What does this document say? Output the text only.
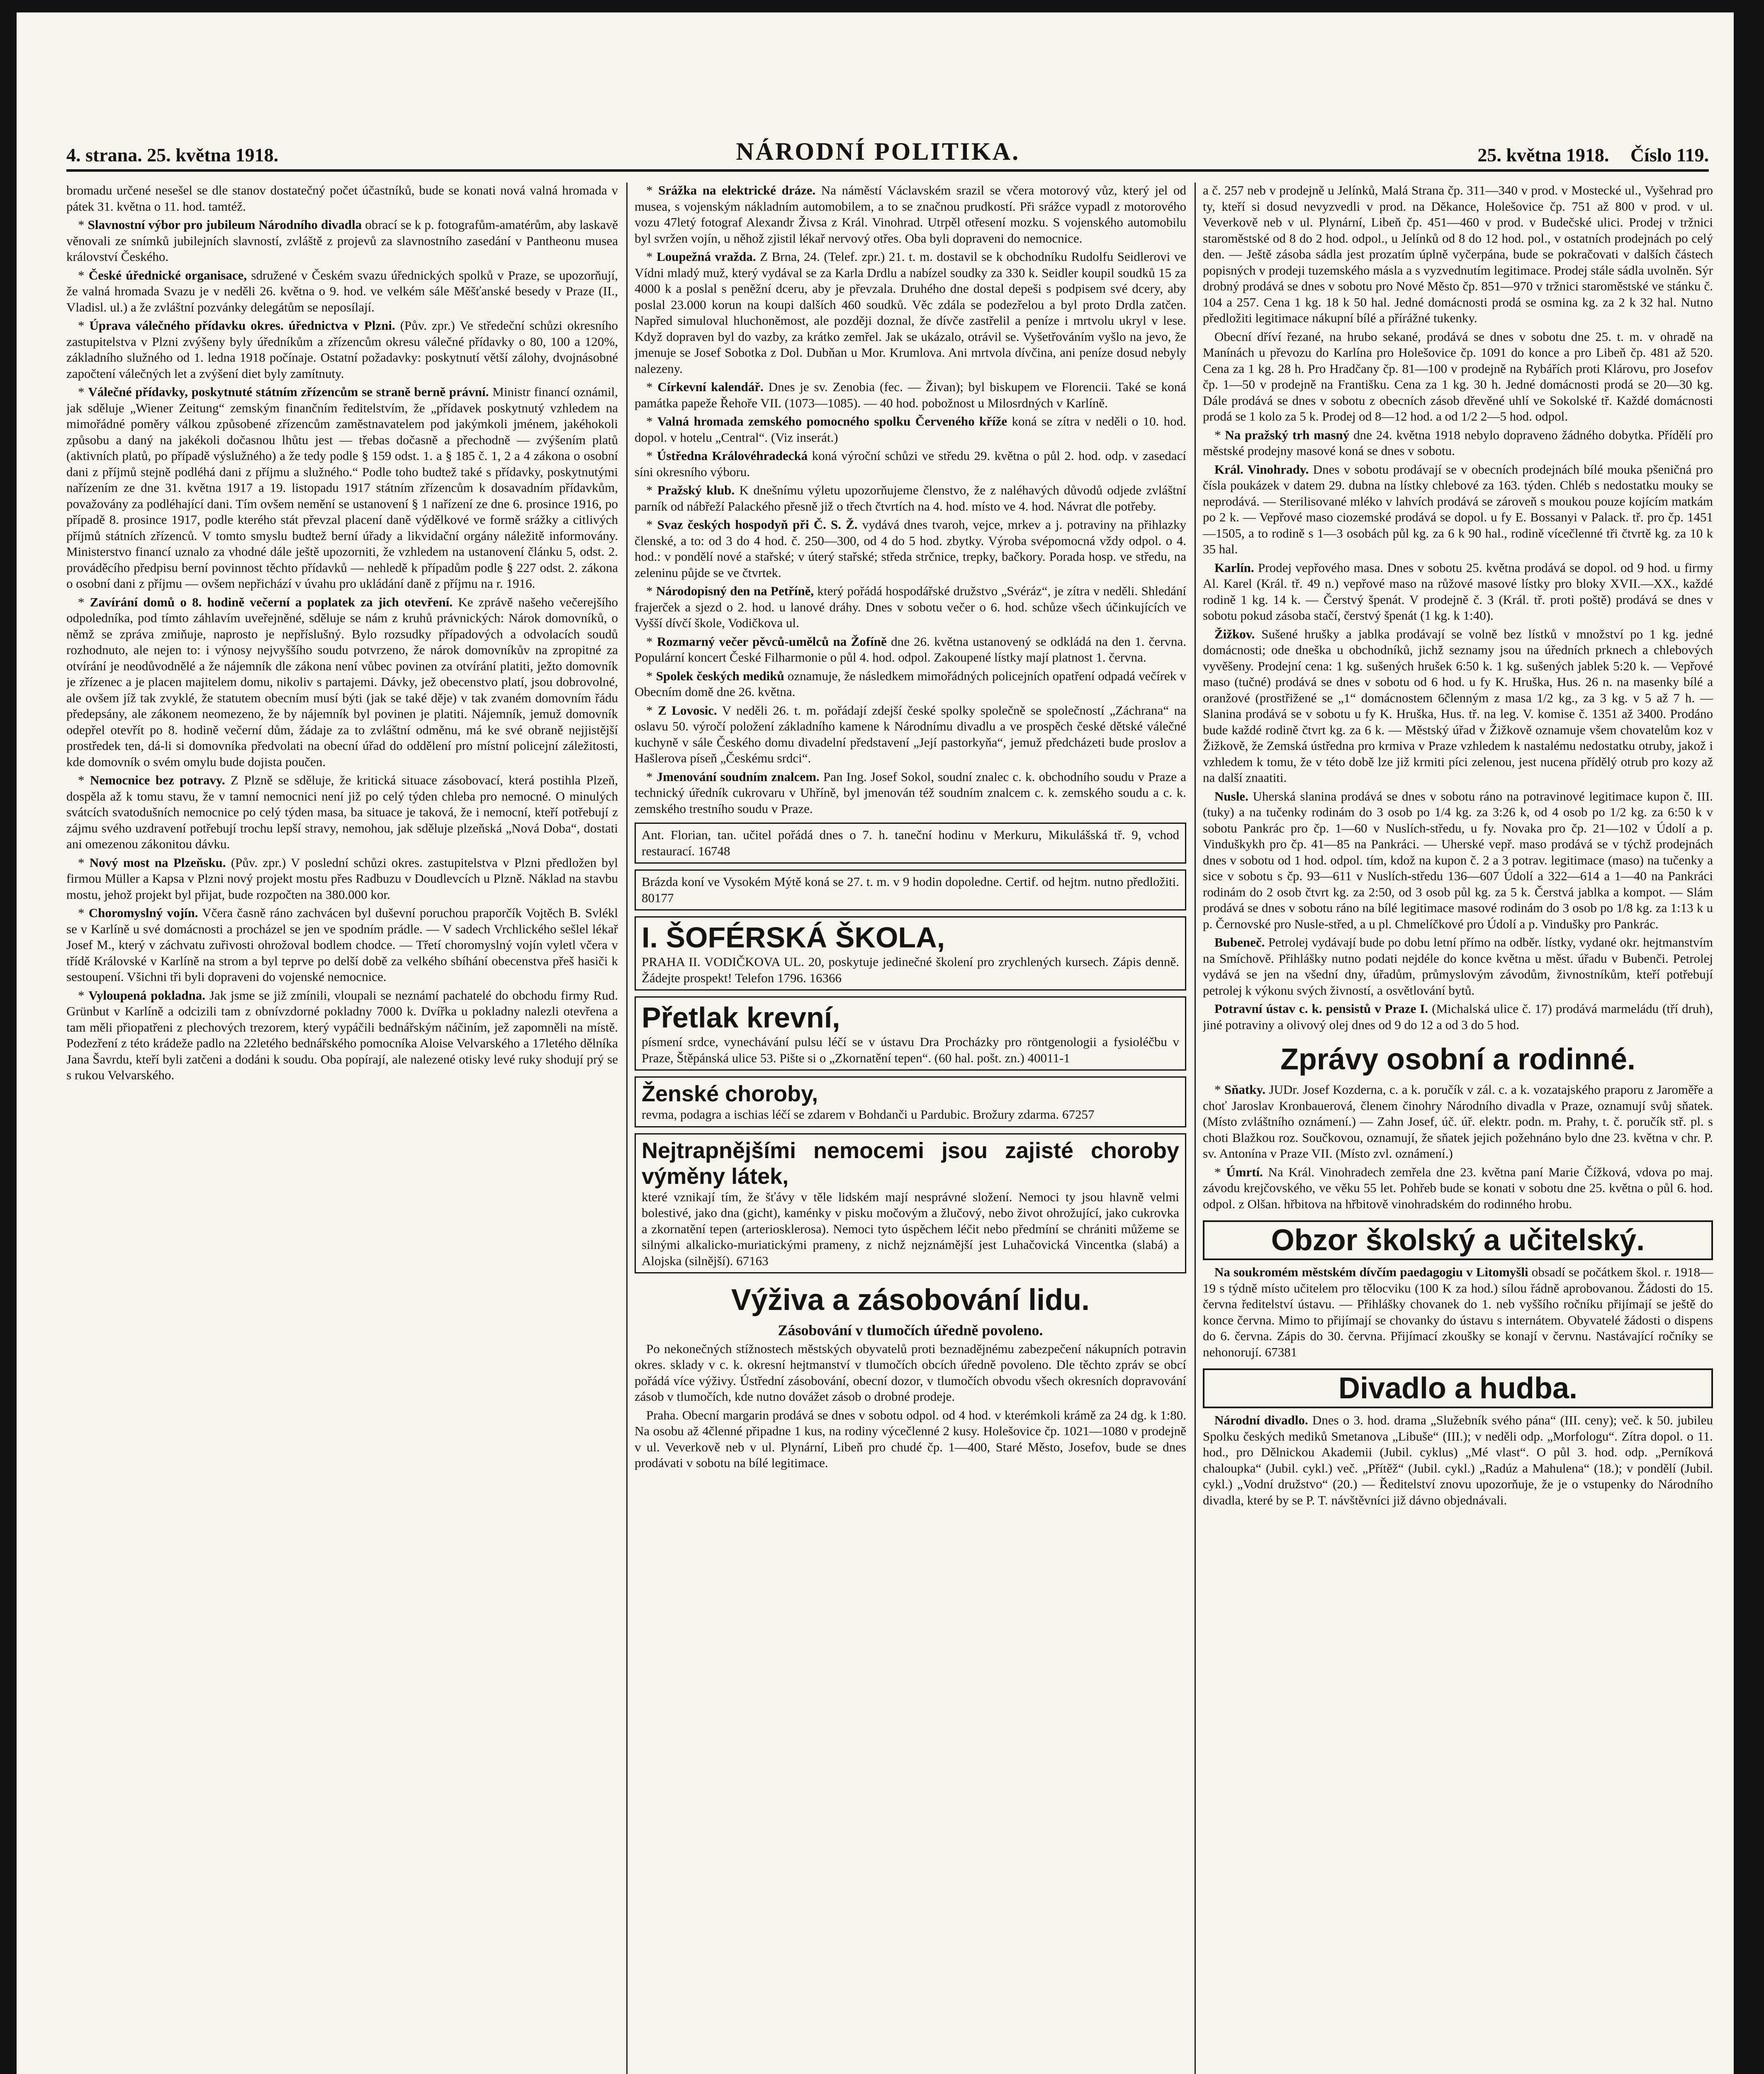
4. strana. 25. května 1918.	NÁRODNÍ POLITIKA.	25. května 1918. Číslo 119.

bromadu určené nesešel se dle stanov dostatečný počet účastníků, bude se konati nová valná hromada v pátek 31. května o 11. hod. tamtéž.

* Slavnostní výbor pro jubileum Národního divadla obrací se k p. fotografům-amatérům, aby laskavě věnovali ze snímků jubilejních slavností, zvláště z projevů za slavnostního zasedání v Pantheonu musea království Českého.

* České úřednické organisace, sdružené v Českém svazu úřednických spolků v Praze, se upozorňují, že valná hromada Svazu je v neděli 26. května o 9. hod. ve velkém sále Měšťanské besedy v Praze (II., Vladisl. ul.) a že zvláštní pozvánky delegátům se neposílají.

* Úprava válečného přídavku okres. úřednictva v Plzni. (Pův. zpr.) Ve středeční schůzi okresního zastupitelstva v Plzni zvýšeny byly úředníkům a zřízencům okresu válečné přídavky o 80, 100 a 120%, základního služného od 1. ledna 1918 počínaje. Ostatní požadavky: poskytnutí větší zálohy, dvojnásobné započtení válečných let a zvýšení diet byly zamítnuty.

* Válečné přídavky, poskytnuté státním zřízencům se straně berně právní. Ministr financí oznámil, jak sděluje „Wiener Zeitung“ zemským finančním ředitelstvím, že „přídavek poskytnutý vzhledem na mimořádné poměry válkou způsobené zřízencům zaměstnavatelem pod jakýmkoli jménem, jakéhokoli způsobu a daný na jakékoli dočasnou lhůtu jest — třebas dočasně a přechodně — zvýšením platů (aktivních platů, po případě výslužného) a že tedy podle § 159 odst. 1. a § 185 č. 1, 2 a 4 zákona o osobní dani z příjmů stejně podléhá dani z příjmu a služného.“ Podle toho budtež také s přídavky, poskytnutými nařízením ze dne 31. května 1917 a 19. listopadu 1917 státním zřízencům k dosavadním přídavkům, považovány za podléhající dani. Tím ovšem nemění se ustanovení § 1 nařízení ze dne 6. prosince 1916, po případě 8. prosince 1917, podle kterého stát převzal placení daně výdělkové ve formě srážky a citlivých příjmů státních zřízenců. V tomto smyslu budtež berní úřady a likvidační orgány náležitě informovány. Ministerstvo financí uznalo za vhodné dále ještě upozorniti, že vzhledem na ustanovení článku 5, odst. 2. prováděcího předpisu berní povinnost těchto přídavků — nehledě k případům podle § 227 odst. 2. zákona o osobní dani z příjmu — ovšem nepřichází v úvahu pro ukládání daně z příjmu na r. 1916.

* Zavírání domů o 8. hodině večerní a poplatek za jich otevření. Ke zprávě našeho večerejšího odpoledníka, pod tímto záhlavím uveřejněné, sděluje se nám z kruhů právnických: Nárok domovníků, o němž se zpráva zmiňuje, naprosto je nepříslušný. Bylo rozsudky případových a odvolacích soudů rozhodnuto, ale nejen to: i výnosy nejvyššího soudu potvrzeno, že nárok domovníkův na zpropitné za otvírání je neodůvodnělé a že nájemník dle zákona není vůbec povinen za otvírání platiti, ježto domovník je zřízenec a je placen majitelem domu, nikoliv s partajemi. Dávky, jež obecenstvo platí, jsou dobrovolné, ale ovšem jíž tak zvyklé, že statutem obecním musí býti (jak se také děje) v tak zvaném domovním řádu předepsány, ale zákonem neomezeno, že by nájemník byl povinen je platiti. Nájemník, jemuž domovník odepřel otevřít po 8. hodině večerní dům, žádaje za to zvláštní odměnu, má ke své obraně nejjistější prostředek ten, dá-li si domovníka předvolati na obecní úřad do oddělení pro místní policejní záležitosti, kde domovník o svém omylu bude dojista poučen.

* Nemocnice bez potravy. Z Plzně se sděluje, že kritická situace zásobovací, která postihla Plzeň, dospěla až k tomu stavu, že v tamní nemocnici není již po celý týden chleba pro nemocné. O minulých svátcích svatodušních nemocnice po celý týden masa, ba situace je taková, že i nemocní, kteří potřebují z zájmu svého uzdravení potřebují trochu lepší stravy, nemohou, jak sděluje plzeňská „Nová Doba“, dostati ani omezenou zákonitou dávku.

* Nový most na Plzeňsku. (Pův. zpr.) V poslední schůzi okres. zastupitelstva v Plzni předložen byl firmou Müller a Kapsa v Plzni nový projekt mostu přes Radbuzu v Doudlevcích u Plzně. Náklad na stavbu mostu, jehož projekt byl přijat, bude rozpočten na 380.000 kor.

* Choromyslný vojín. Včera časně ráno zachvácen byl duševní poruchou praporčík Vojtěch B. Svlékl se v Karlíně u své domácnosti a procházel se jen ve spodním prádle. — V sadech Vrchlického sešlel lékař Josef M., který v záchvatu zuřivosti ohrožoval bodlem chodce. — Třetí choromyslný vojín vyletl včera v třídě Královské v Karlíně na strom a byl teprve po delší době za velkého sbíhání obecenstva přeš hasiči k sestoupení. Všichni tři byli dopraveni do vojenské nemocnice.

* Vyloupená pokladna. Jak jsme se již zmínili, vloupali se neznámí pachatelé do obchodu firmy Rud. Grünbut v Karlíně a odcizili tam z obnívzdorné pokladny 7000 k. Dvířka u pokladny nalezli otevřena a tam měli přiopatřeni z plechových trezorem, který vypáčili bednářským náčiním, jež zapomněli na místě. Podezření z této krádeže padlo na 22letého bednářského pomocníka Aloise Velvarského a 17letého dělníka Jana Šavrdu, kteří byli zatčeni a dodáni k soudu. Oba popírají, ale nalezené otisky levé ruky shodují prý se s rukou Velvarského.

* Srážka na elektrické dráze. Na náměstí Václavském srazil se včera motorový vůz, který jel od musea, s vojenským nákladním automobilem, a to se značnou prudkostí. Při srážce vypadl z motorového vozu 47letý fotograf Alexandr Živsa z Král. Vinohrad. Utrpěl otřesení mozku. S vojenského automobilu byl svržen vojín, u něhož zjistil lékař nervový otřes. Oba byli dopraveni do nemocnice.

* Loupežná vražda. Z Brna, 24. (Telef. zpr.) 21. t. m. dostavil se k obchodníku Rudolfu Seidlerovi ve Vídni mladý muž, který vydával se za Karla Drdlu a nabízel soudky za 330 k. Seidler koupil soudků 15 za 4000 k a poslal s peněžní dceru, aby je převzala. Druhého dne dostal depeši s podpisem své dcery, aby poslal 23.000 korun na koupi dalších 460 soudků. Věc zdála se podezřelou a byl proto Drdla zatčen. Napřed simuloval hluchoněmost, ale později doznal, že dívče zastřelil a peníze i mrtvolu ukryl v lese. Když dopraven byl do vazby, za krátko zemřel. Jak se ukázalo, otrávil se. Vyšetřováním vyšlo na jevo, že jmenuje se Josef Sobotka z Dol. Dubňan u Mor. Krumlova. Ani mrtvola dívčina, ani peníze dosud nebyly nalezeny.

* Církevní kalendář. Dnes je sv. Zenobia (fec. — Živan); byl biskupem ve Florencii. Také se koná památka papeže Řehoře VII. (1073—1085). — 40 hod. pobožnost u Milosrdných v Karlíně.

* Valná hromada zemského pomocného spolku Červeného kříže koná se zítra v neděli o 10. hod. dopol. v hotelu „Central“. (Viz inserát.)

* Ústředna Královéhradecká koná výroční schůzi ve středu 29. května o půl 2. hod. odp. v zasedací síni okresního výboru.

* Pražský klub. K dnešnímu výletu upozorňujeme členstvo, že z naléhavých důvodů odjede zvláštní parník od nábřeží Palackého přesně již o třech čtvrtích na 4. hod. místo ve 4. hod. Návrat dle potřeby.

* Svaz českých hospodyň při Č. S. Ž. vydává dnes tvaroh, vejce, mrkev a j. potraviny na přihlazky členské, a to: od 3 do 4 hod. č. 250—300, od 4 do 5 hod. zbytky. Výroba svépomocná vždy odpol. o 4. hod.: v pondělí nové a stařské; v úterý stařské; středa strčnice, trepky, bačkory. Porada hosp. ve středu, na zeleninu půjde se ve čtvrtek.

* Národopisný den na Petříně, který pořádá hospodářské družstvo „Svéráz“, je zítra v neděli. Shledání frajerček a sjezd o 2. hod. u lanové dráhy. Dnes v sobotu večer o 6. hod. schůze všech účinkujících ve Vyšší dívčí škole, Vodičkova ul.

* Rozmarný večer pěvců-umělců na Žofíně dne 26. května ustanovený se odkládá na den 1. června. Populární koncert České Filharmonie o půl 4. hod. odpol. Zakoupené lístky mají platnost 1. června.

* Spolek českých mediků oznamuje, že následkem mimořádných policejních opatření odpadá večírek v Obecním domě dne 26. května.

* Z Lovosic. V neděli 26. t. m. pořádají zdejší české spolky společně se společností „Záchrana“ na oslavu 50. výročí položení základního kamene k Národnímu divadlu a ve prospěch české dětské válečné kuchyně v sále Českého domu divadelní představení „Její pastorkyňa“, jemuž předcházeti bude proslov a Hašlerova píseň „Českému srdci“.

* Jmenování soudním znalcem. Pan Ing. Josef Sokol, soudní znalec c. k. obchodního soudu v Praze a technický úředník cukrovaru v Uhříně, byl jmenován též soudním znalcem c. k. zemského soudu a c. k. zemského trestního soudu v Praze.

Ant. Florian, tan. učitel pořádá dnes o 7. h. taneční hodinu v Merkuru, Mikulášská tř. 9, vchod restaurací. 16748
Brázda koní ve Vysokém Mýtě koná se 27. t. m. v 9 hodin dopoledne. Certif. od hejtm. nutno předložiti. 80177
I. ŠOFÉRSKÁ ŠKOLA,
PRAHA II. VODIČKOVA UL. 20, poskytuje jedinečné školení pro zrychlených kursech. Zápis denně. Žádejte prospekt! Telefon 1796. 16366
Přetlak krevní,
písmení srdce, vynechávání pulsu léčí se v ústavu Dra Procházky pro röntgenologii a fysioléčbu v Praze, Štěpánská ulice 53. Pište si o „Zkornatění tepen“. (60 hal. pošt. zn.) 40011-1
Ženské choroby,
revma, podagra a ischias léčí se zdarem v Bohdanči u Pardubic. Brožury zdarma. 67257
Nejtrapnějšími nemocemi jsou zajisté choroby výměny látek,
které vznikají tím, že šťávy v těle lidském mají nesprávné složení. Nemoci ty jsou hlavně velmi bolestivé, jako dna (gicht), kaménky v pisku močovým a žlučový, nebo život ohrožující, jako cukrovka a zkornatění tepen (arteriosklerosa). Nemoci tyto úspěchem léčit nebo předmíní se chrániti můžeme se silnými alkalicko-muriatickými prameny, z nichž nejznámější jest Luhačovická Vincentka (slabá) a Alojska (silnější). 67163
Výživa a zásobování lidu.

Zásobování v tlumočích úředně povoleno.

Po nekonečných stížnostech městských obyvatelů proti beznadějnému zabezpečení nákupních potravin okres. sklady v c. k. okresní hejtmanství v tlumočích obcích úředně povoleno. Dle těchto zpráv se obcí pořádá více výživy. Ústřední zásobování, obecní dozor, v tlumočích obvodu všech okresních dopravování zásob v tlumočích, kde nutno dovážet zásob o drobné prodeje.

Praha. Obecní margarin prodává se dnes v sobotu odpol. od 4 hod. v kterémkoli krámě za 24 dg. k 1:80. Na osobu až 4členné připadne 1 kus, na rodiny výcečlenné 2 kusy. Holešovice čp. 1021—1080 v prodejně v ul. Veverkově neb v ul. Plynární, Libeň pro chudé čp. 1—400, Staré Město, Josefov, bude se dnes prodávati v sobotu na bílé legitimace.

a č. 257 neb v prodejně u Jelínků, Malá Strana čp. 311—340 v prod. v Mostecké ul., Vyšehrad pro ty, kteří si dosud nevyzvedli v prod. na Děkance, Holešovice čp. 751 až 800 v prod. v ul. Veverkově neb v ul. Plynární, Libeň čp. 451—460 v prod. v Budečské ulici. Prodej v tržnici staroměstské od 8 do 2 hod. odpol., u Jelínků od 8 do 12 hod. pol., v ostatních prodejnách po celý den. — Ještě zásoba sádla jest prozatím úplně vyčerpána, bude se pokračovati v dalších částech popisných v prodeji tuzemského másla a s vyzvednutím legitimace. Prodej stále sádla uvolněn. Sýr drobný prodává se dnes v sobotu pro Nové Město čp. 851—970 v tržnici staroměstské ve stánku č. 104 a 257. Cena 1 kg. 18 k 50 hal. Jedné domácnosti prodá se osmina kg. za 2 k 32 hal. Nutno předložiti legitimace nákupní bílé a přírážné tukenky.

Obecní dříví řezané, na hrubo sekané, prodává se dnes v sobotu dne 25. t. m. v ohradě na Manínách u převozu do Karlína pro Holešovice čp. 1091 do konce a pro Libeň čp. 481 až 520. Cena za 1 kg. 28 h. Pro Hradčany čp. 81—100 v prodejně na Rybářích proti Klárovu, pro Josefov čp. 1—50 v prodejně na Františku. Cena za 1 kg. 30 h. Jedné domácnosti prodá se 20—30 kg. Dále prodává se dnes v sobotu z obecních zásob dřevěné uhlí ve Sokolské tř. Každé domácnosti prodá se 1 kolo za 5 k. Prodej od 8—12 hod. a od 1/2 2—5 hod. odpol.

* Na pražský trh masný dne 24. května 1918 nebylo dopraveno žádného dobytka. Přídělí pro městské prodejny masové koná se dnes v sobotu.

Král. Vinohrady. Dnes v sobotu prodávají se v obecních prodejnách bílé mouka pšeničná pro čísla poukázek v datem 29. dubna na lístky chlebové za 163. týden. Chléb s nedostatku mouky se neprodává. — Sterilisované mléko v lahvích prodává se zároveň s moukou pouze kojícím matkám po 2 k. — Vepřové maso ciozemské prodává se dopol. u fy E. Bossanyi v Palack. tř. pro čp. 1451—1505, a to rodině s 1—3 osobách půl kg. za 6 k 90 hal., rodině vícečlenné tři čtvrtě kg. za 10 k 35 hal.

Karlín. Prodej vepřového masa. Dnes v sobotu 25. května prodává se dopol. od 9 hod. u firmy Al. Karel (Král. tř. 49 n.) vepřové maso na růžové masové lístky pro bloky XVII.—XX., každé rodině 1 kg. 14 k. — Čerstvý špenát. V prodejně č. 3 (Král. tř. proti poště) prodává se dnes v sobotu pokud zásoba stačí, čerstvý špenát (1 kg. k 1:40).

Žižkov. Sušené hrušky a jablka prodávají se volně bez lístků v množství po 1 kg. jedné domácnosti; ode dneška u obchodníků, jichž seznamy jsou na úředních prknech a chlebových vyvěšeny. Prodejní cena: 1 kg. sušených hrušek 6:50 k. 1 kg. sušených jablek 5:20 k. — Vepřové maso (tučné) prodává se dnes v sobotu od 6 hod. u fy K. Hruška, Hus. 26 n. na masenky bílé a oranžové (prostřižené se „1“ domácnostem 6členným z masa 1/2 kg., za 3 kg. v 5 až 7 h. — Slanina prodává se v sobotu u fy K. Hruška, Hus. tř. na leg. V. komise č. 1351 až 3400. Prodáno bude každé rodině čtvrt kg. za 6 k. — Městský úřad v Žižkově oznamuje všem chovatelům koz v Žižkově, že Zemská ústředna pro krmiva v Praze vzhledem k nastalému nedostatku otruby, jakož i vzhledem k tomu, že v této době lze již krmiti píci zelenou, jest nucena přídělý otrub pro kozy až na další znaatiti.

Nusle. Uherská slanina prodává se dnes v sobotu ráno na potravinové legitimace kupon č. III. (tuky) a na tučenky rodinám do 3 osob po 1/4 kg. za 3:26 k, od 4 osob po 1/2 kg. za 6:50 k v sobotu Pankrác pro čp. 1—60 v Nuslích-středu, u fy. Novaka pro čp. 21—102 v Údolí a p. Vinduškykh pro čp. 41—85 na Pankráci. — Uherské vepř. maso prodává se v týchž prodejnách dnes v sobotu od 1 hod. odpol. tím, kdož na kupon č. 2 a 3 potrav. legitimace (maso) na tučenky a sice v sobotu s čp. 93—611 v Nuslích-středu 136—607 Údolí a 322—614 a 1—40 na Pankráci rodinám do 2 osob čtvrt kg. za 2:50, od 3 osob půl kg. za 5 k. Čerstvá jablka a kompot. — Slám prodává se dnes v sobotu ráno na bílé legitimace masové rodinám do 3 osob po 1/8 kg. za 1:13 k u p. Černovské pro Nusle-střed, a u pl. Chmelíčkové pro Údolí a p. Vindušky pro Pankrác.

Bubeneč. Petrolej vydávají bude po dobu letní přímo na odběr. lístky, vydané okr. hejtmanstvím na Smíchově. Přihlášky nutno podati nejdéle do konce května u měst. úřadu v Bubenči. Petrolej vydává se jen na všední dny, úřadům, průmyslovým závodům, živnostníkům, kteří potřebují petrolej k výkonu svých živností, a osvětlování bytů.

Potravní ústav c. k. pensistů v Praze I. (Michalská ulice č. 17) prodává marmeládu (tří druh), jiné potraviny a olivový olej dnes od 9 do 12 a od 3 do 5 hod.

Zprávy osobní a rodinné.

* Sňatky. JUDr. Josef Kozderna, c. a k. poručík v zál. c. a k. vozatajského praporu z Jaroměře a choť Jaroslav Kronbauerová, členem činohry Národního divadla v Praze, oznamují svůj sňatek. (Místo zvláštního oznámení.) — Zahn Josef, úč. úř. elektr. podn. m. Prahy, t. č. poručík stř. pl. s choti Blažkou roz. Součkovou, oznamují, že sňatek jejich požehnáno bylo dne 23. května v chr. P. sv. Antonína v Praze VII. (Místo zvl. oznámení.)

* Úmrtí. Na Král. Vinohradech zemřela dne 23. května paní Marie Čížková, vdova po maj. závodu krejčovského, ve věku 55 let. Pohřeb bude se konati v sobotu dne 25. května o půl 6. hod. odpol. z Olšan. hřbitova na hřbitově vinohradském do rodinného hrobu.

Obzor školský a učitelský.

Na soukromém městském dívčím paedagogiu v Litomyšli obsadí se počátkem škol. r. 1918—19 s týdně místo učitelem pro tělocviku (100 K za hod.) sílou řádně aprobovanou. Žádosti do 15. června ředitelství ústavu. — Přihlášky chovanek do 1. neb vyššího ročníku přijímají se ještě do konce června. Mimo to přijímají se chovanky do ústavu s internátem. Obyvatelé žádosti o dispens do 6. června. Zápis do 30. června. Přijímací zkoušky se konají v červnu. Nastávající ročníky se nehonorují. 67381

Divadlo a hudba.

Národní divadlo. Dnes o 3. hod. drama „Služebník svého pána“ (III. ceny); več. k 50. jubileu Spolku českých mediků Smetanova „Libuše“ (III.); v neděli odp. „Morfologu“. Zítra dopol. o 11. hod., pro Dělnickou Akademii (Jubil. cyklus) „Mé vlast“. O půl 3. hod. odp. „Perníková chaloupka“ (Jubil. cykl.) več. „Přítěž“ (Jubil. cykl.) „Radúz a Mahulena“ (18.); v pondělí (Jubil. cykl.) „Vodní družstvo“ (20.) — Ředitelství znovu upozorňuje, že je o vstupenky do Národního divadla, které by se P. T. návštěvníci již dávno objednávali.
